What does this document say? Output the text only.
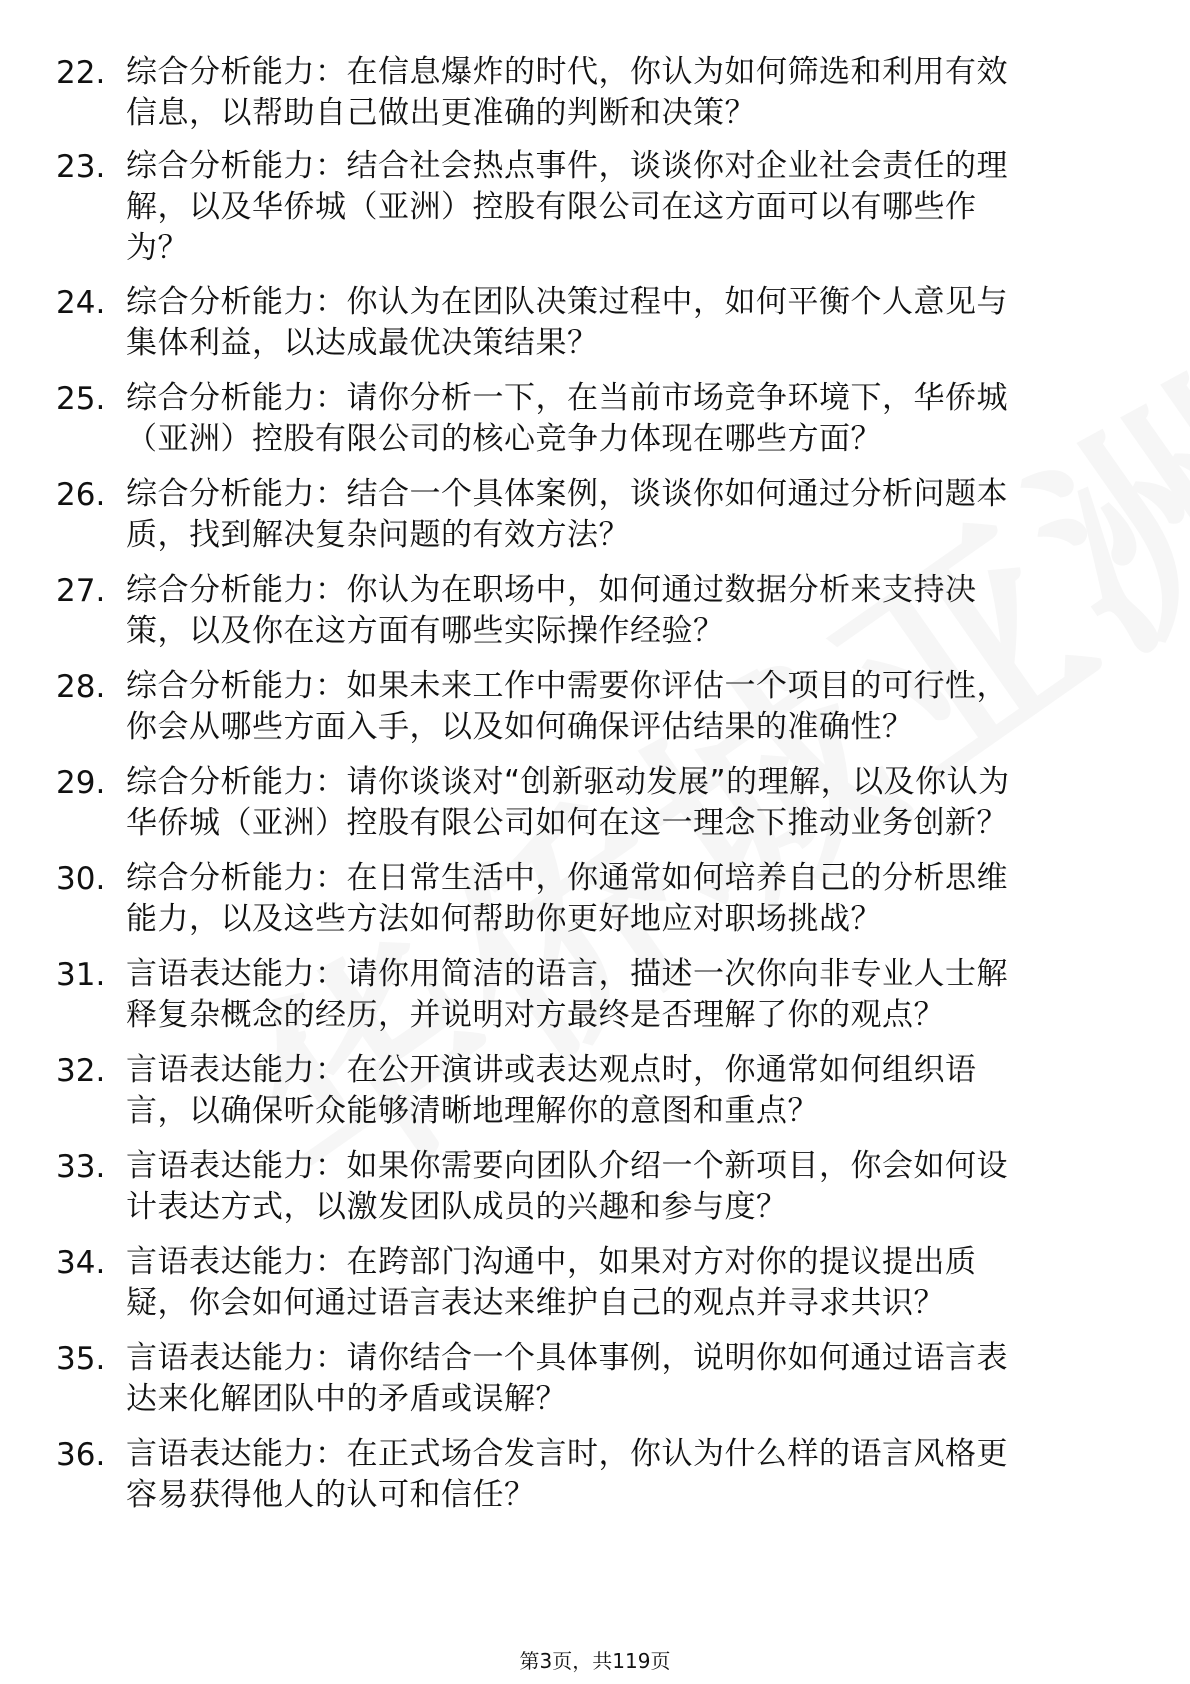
22. 综合分析能力：在信息爆炸的时代，你认为如何筛选和利用有效
信息，以帮助自己做出更准确的判断和决策？
23. 综合分析能力：结合社会热点事件，谈谈你对企业社会责任的理
解，以及华侨城（亚洲）控股有限公司在这方面可以有哪些作
为？
24. 综合分析能力：你认为在团队决策过程中，如何平衡个人意见与
集体利益，以达成最优决策结果？
25. 综合分析能力：请你分析一下，在当前市场竞争环境下，华侨城
（亚洲）控股有限公司的核心竞争力体现在哪些方面？
26. 综合分析能力：结合一个具体案例，谈谈你如何通过分析问题本
质，找到解决复杂问题的有效方法？
27. 综合分析能力：你认为在职场中，如何通过数据分析来支持决
策，以及你在这方面有哪些实际操作经验？
28. 综合分析能力：如果未来工作中需要你评估一个项目的可行性，
你会从哪些方面入手，以及如何确保评估结果的准确性？
29. 综合分析能力：请你谈谈对“创新驱动发展”的理解，以及你认为
华侨城（亚洲）控股有限公司如何在这一理念下推动业务创新？
30. 综合分析能力：在日常生活中，你通常如何培养自己的分析思维
能力，以及这些方法如何帮助你更好地应对职场挑战？
31. 言语表达能力：请你用简洁的语言，描述一次你向非专业人士解
释复杂概念的经历，并说明对方最终是否理解了你的观点？
32. 言语表达能力：在公开演讲或表达观点时，你通常如何组织语
言，以确保听众能够清晰地理解你的意图和重点？
33. 言语表达能力：如果你需要向团队介绍一个新项目，你会如何设
计表达方式，以激发团队成员的兴趣和参与度？
34. 言语表达能力：在跨部门沟通中，如果对方对你的提议提出质
疑，你会如何通过语言表达来维护自己的观点并寻求共识？
35. 言语表达能力：请你结合一个具体事例，说明你如何通过语言表
达来化解团队中的矛盾或误解？
36. 言语表达能力：在正式场合发言时，你认为什么样的语言风格更
容易获得他人的认可和信任？
第3页，共119页
